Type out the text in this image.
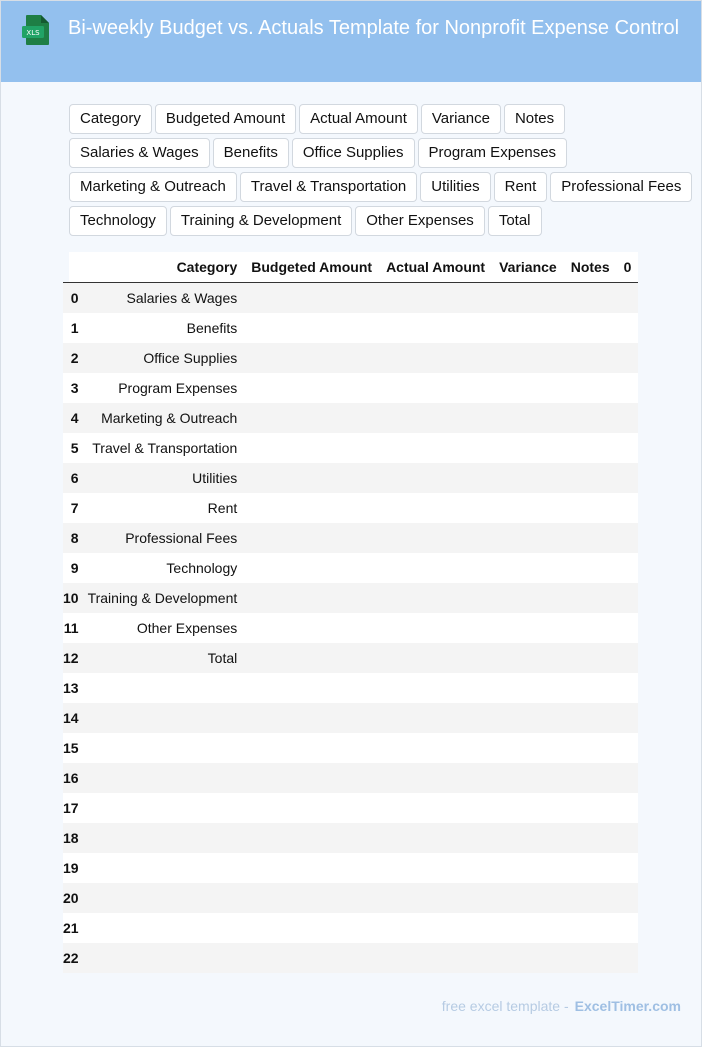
XLS	Bi-weekly Budget vs. Actuals Template for Nonprofit Expense Control
Category	Budgeted Amount	Actual Amount	Variance	Notes
Salaries & Wages	Benefits	Office Supplies	Program Expenses
Marketing & Outreach	Travel & Transportation	Utilities	Rent	Professional Fees
Technology	Training & Development	Other Expenses	Total
	Category	Budgeted Amount	Actual Amount	Variance	Notes	0
0	Salaries & Wages					
1	Benefits					
2	Office Supplies					
3	Program Expenses					
4	Marketing & Outreach					
5	Travel & Transportation					
6	Utilities					
7	Rent					
8	Professional Fees					
9	Technology					
10	Training & Development					
11	Other Expenses					
12	Total					
13						
14						
15						
16						
17						
18						
19						
20						
21						
22						
free excel template - ExcelTimer.com
